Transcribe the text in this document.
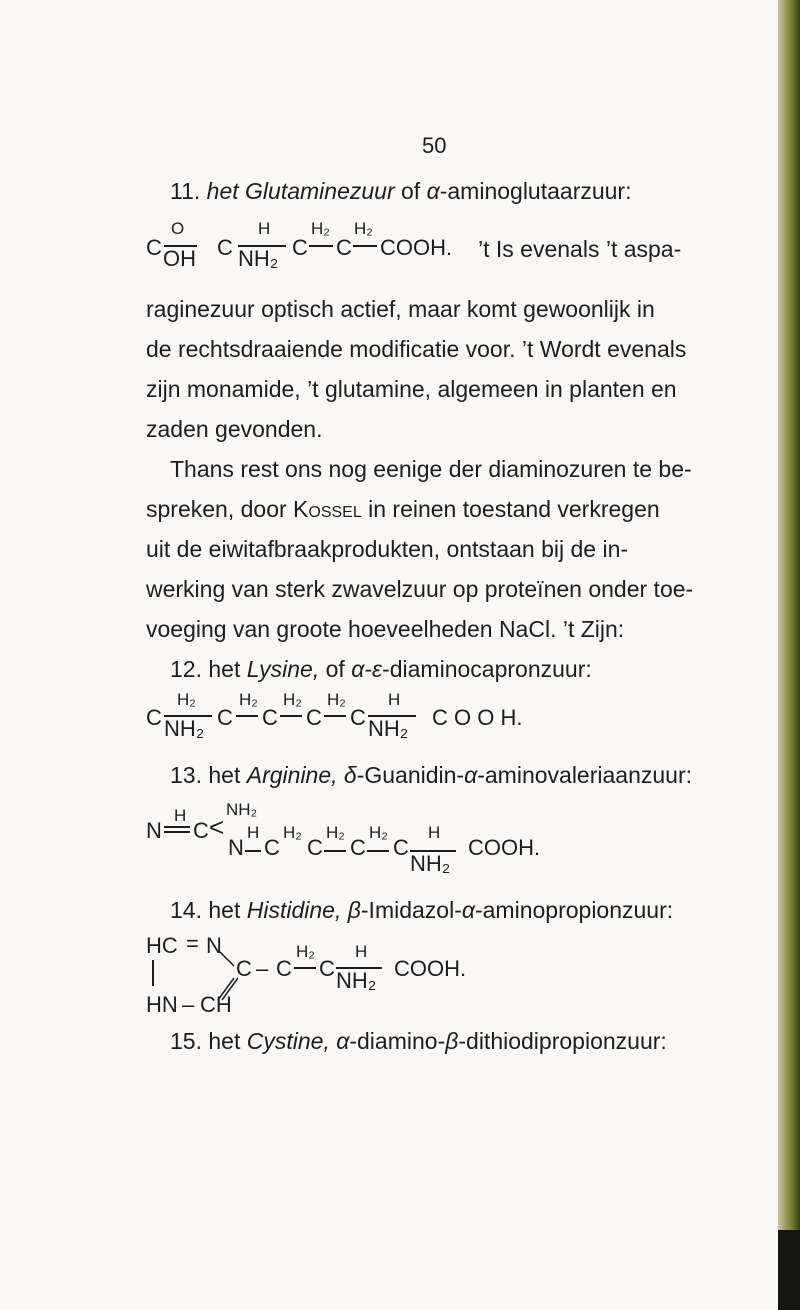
50
11. het Glutaminezuur of α-aminoglutaarzuur:
C
O
OH C
H
NH₂ C
H₂
C
H₂
COOH. ’t Is evenals ’t aspa-
raginezuur optisch actief, maar komt gewoonlijk in
de rechtsdraaiende modificatie voor. ’t Wordt evenals
zijn monamide, ’t glutamine, algemeen in planten en
zaden gevonden.
Thans rest ons nog eenige der diaminozuren te be-
spreken, door Kossel in reinen toestand verkregen
uit de eiwitafbraakprodukten, ontstaan bij de in-
werking van sterk zwavelzuur op proteïnen onder toe-
voeging van groote hoeveelheden NaCl. ’t Zijn:
12. het Lysine, of α-ε-diaminocapronzuur:
C
H₂
NH₂ C
H₂
C
H₂
C
H₂
C
H
NH₂ C O O H.
13. het Arginine, δ-Guanidin-α-aminovaleriaanzuur:
N
H
C <
NH₂
N
H
C
H₂
C
H₂
C
H₂
C
H
NH₂
COOH.
14. het Histidine, β-Imidazol-α-aminopropionzuur:
HC = N
C – C
H₂
C
H
NH₂ COOH.
HN – CH
15. het Cystine, α-diamino-β-dithiodipropionzuur:
